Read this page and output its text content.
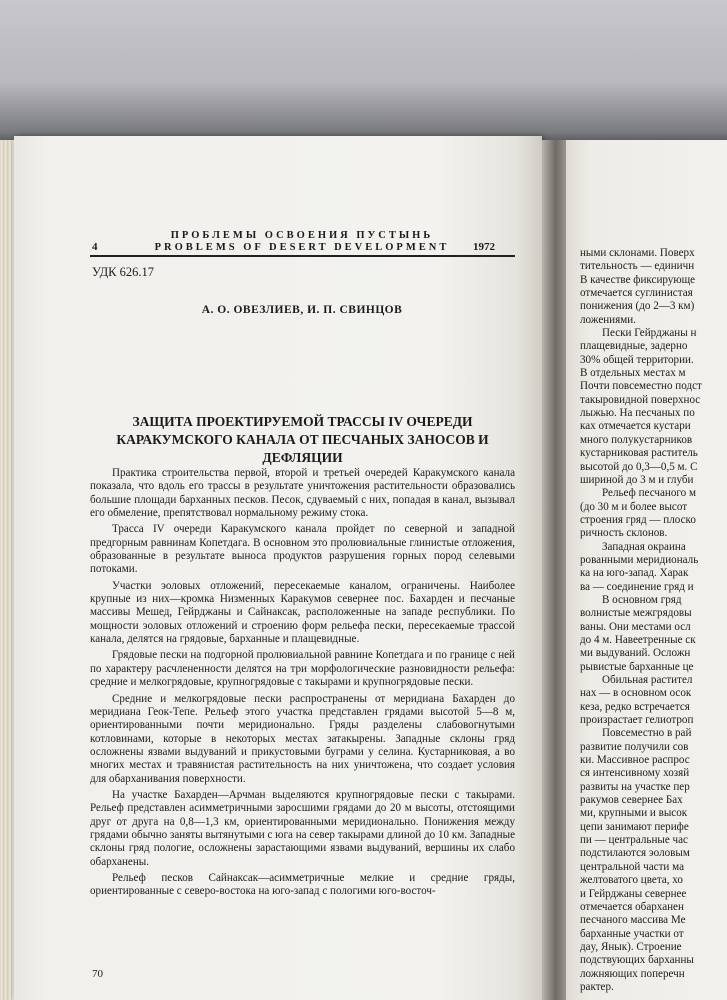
ПРОБЛЕМЫ ОСВОЕНИЯ ПУСТЫНЬ
PROBLEMS OF DESERT DEVELOPMENT
4	1972
УДК 626.17
А. О. ОВЕЗЛИЕВ, И. П. СВИНЦОВ
ЗАЩИТА ПРОЕКТИРУЕМОЙ ТРАССЫ IV ОЧЕРЕДИ КАРАКУМСКОГО КАНАЛА ОТ ПЕСЧАНЫХ ЗАНОСОВ И ДЕФЛЯЦИИ

Практика строительства первой, второй и третьей очередей Каракумского канала показала, что вдоль его трассы в результате уничтожения растительности образовались большие площади барханных песков. Песок, сдуваемый с них, попадая в канал, вызывал его обмеление, препятствовал нормальному режиму стока.

Трасса IV очереди Каракумского канала пройдет по северной и западной предгорным равнинам Копетдага. В основном это пролювиальные глинистые отложения, образованные в результате выноса продуктов разрушения горных пород селевыми потоками.

Участки эоловых отложений, пересекаемые каналом, ограничены. Наиболее крупные из них—кромка Низменных Каракумов севернее пос. Бахарден и песчаные массивы Мешед, Гейрджаны и Сайнаксак, расположенные на западе республики. По мощности эоловых отложений и строению форм рельефа пески, пересекаемые трассой канала, делятся на грядовые, барханные и плащевидные.

Грядовые пески на подгорной пролювиальной равнине Копетдага и по границе с ней по характеру расчлененности делятся на три морфологические разновидности рельефа: средние и мелкогрядовые, крупногрядовые с такырами и крупногрядовые пески.

Средние и мелкогрядовые пески распространены от меридиана Бахарден до меридиана Геок-Тепе. Рельеф этого участка представлен грядами высотой 5—8 м, ориентированными почти меридионально. Гряды разделены слабовогнутыми котловинами, которые в некоторых местах затакырены. Западные склоны гряд осложнены язвами выдуваний и прикустовыми буграми у селина. Кустарниковая, а во многих местах и травянистая растительность на них уничтожена, что создает условия для обарханивания поверхности.

На участке Бахарден—Арчман выделяются крупногрядовые пески с такырами. Рельеф представлен асимметричными заросшими грядами до 20 м высоты, отстоящими друг от друга на 0,8—1,3 км, ориентированными меридионально. Понижения между грядами обычно заняты вытянутыми с юга на север такырами длиной до 10 км. Западные склоны гряд пологие, осложнены зарастающими язвами выдуваний, вершины их слабо обарханены.

Рельеф песков Сайнаксак—асимметричные мелкие и средние гряды, ориентированные с северо-востока на юго-запад с пологими юго-восточ-

70
ными склонами. Поверх
тительность — единичн
В качестве фиксирующе
отмечается суглинистая
понижения (до 2—3 км)
ложениями.
Пески Гейрджаны н
плащевидные, задерно
30% общей территории.
В отдельных местах м
Почти повсеместно подст
такыровидной поверхнос
лыжью. На песчаных по
ках отмечается кустари
много полукустарников
кустарниковая раститель
высотой до 0,3—0,5 м. С
шириной до 3 м и глуби
Рельеф песчаного м
(до 30 м и более высот
строения гряд — плоско
ричность склонов.
Западная окраина
рованными меридиональ
ка на юго-запад. Харак
ва — соединение гряд и
В основном гряд
волнистые межгрядовы
ваны. Они местами осл
до 4 м. Навеетренные ск
ми выдуваний. Осложн
рывистые барханные це
Обильная растител
нах — в основном осок
кеза, редко встречается
произрастает гелиотроп
Повсеместно в рай
развитие получили сов
ки. Массивное распрос
ся интенсивному хозяй
развиты на участке пер
ракумов севернее Бах
ми, крупными и высок
цепи занимают перифе
пи — центральные час
подстилаются эоловым
центральной части ма
желтоватого цвета, хо
и Гейрджаны севернее
отмечается обарханен
песчаного массива Ме
барханные участки от
даy, Янык). Строение
подствующих барханны
ложняющих поперечн
рактер.
